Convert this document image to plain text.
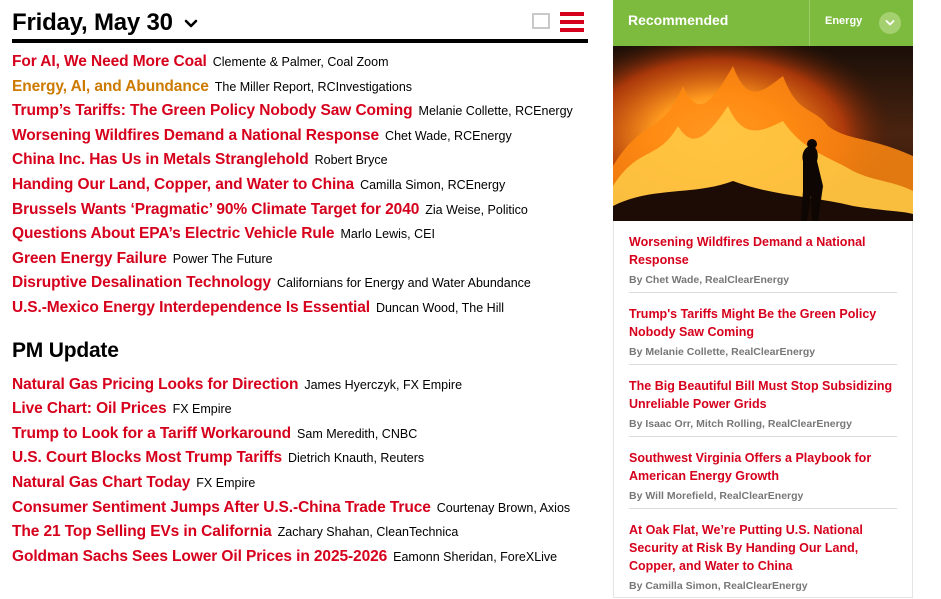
Friday, May 30
For AI, We Need More Coal Clemente & Palmer, Coal Zoom
Energy, AI, and Abundance The Miller Report, RCInvestigations
Trump’s Tariffs: The Green Policy Nobody Saw Coming Melanie Collette, RCEnergy
Worsening Wildfires Demand a National Response Chet Wade, RCEnergy
China Inc. Has Us in Metals Stranglehold Robert Bryce
Handing Our Land, Copper, and Water to China Camilla Simon, RCEnergy
Brussels Wants ‘Pragmatic’ 90% Climate Target for 2040 Zia Weise, Politico
Questions About EPA’s Electric Vehicle Rule Marlo Lewis, CEI
Green Energy Failure Power The Future
Disruptive Desalination Technology Californians for Energy and Water Abundance
U.S.-Mexico Energy Interdependence Is Essential Duncan Wood, The Hill
PM Update
Natural Gas Pricing Looks for Direction James Hyerczyk, FX Empire
Live Chart: Oil Prices FX Empire
Trump to Look for a Tariff Workaround Sam Meredith, CNBC
U.S. Court Blocks Most Trump Tariffs Dietrich Knauth, Reuters
Natural Gas Chart Today FX Empire
Consumer Sentiment Jumps After U.S.-China Trade Truce Courtenay Brown, Axios
The 21 Top Selling EVs in California Zachary Shahan, CleanTechnica
Goldman Sachs Sees Lower Oil Prices in 2025-2026 Eamonn Sheridan, ForeXLive
Recommended	Energy
Worsening Wildfires Demand a National Response
By Chet Wade, RealClearEnergy
Trump's Tariffs Might Be the Green Policy Nobody Saw Coming
By Melanie Collette, RealClearEnergy
The Big Beautiful Bill Must Stop Subsidizing Unreliable Power Grids
By Isaac Orr, Mitch Rolling, RealClearEnergy
Southwest Virginia Offers a Playbook for American Energy Growth
By Will Morefield, RealClearEnergy
At Oak Flat, We’re Putting U.S. National Security at Risk By Handing Our Land, Copper, and Water to China
By Camilla Simon, RealClearEnergy
